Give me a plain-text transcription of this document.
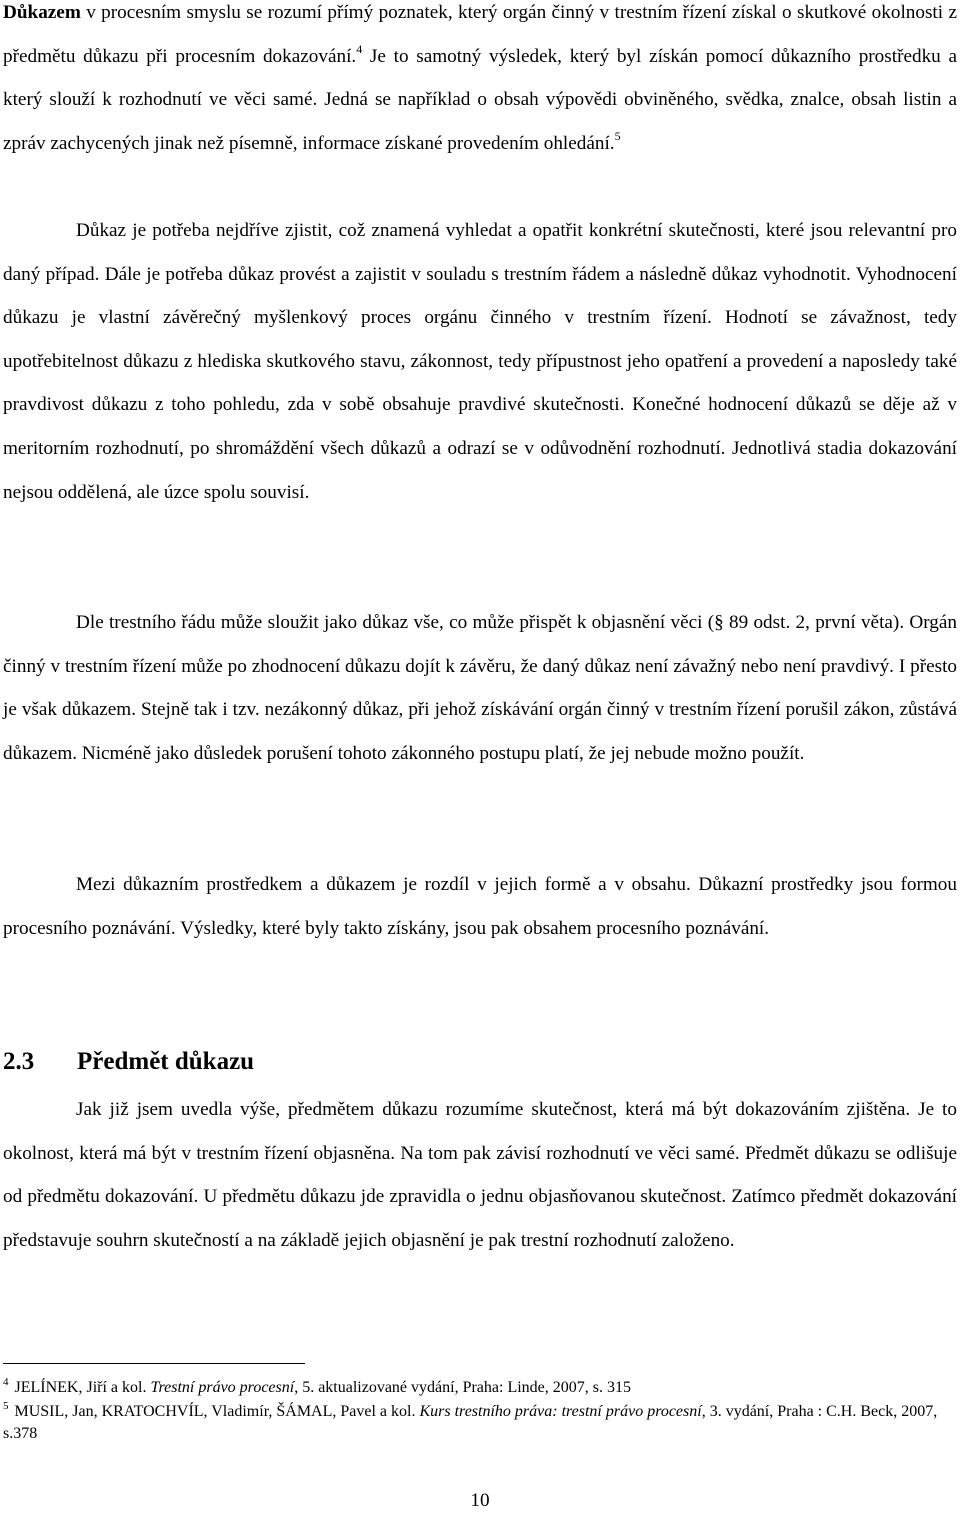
Důkazem v procesním smyslu se rozumí přímý poznatek, který orgán činný v trestním řízení získal o skutkové okolnosti z předmětu důkazu při procesním dokazování.$^4$ Je to samotný výsledek, který byl získán pomocí důkazního prostředku a který slouží k rozhodnutí ve věci samé. Jedná se například o obsah výpovědi obviněného, svědka, znalce, obsah listin a zpráv zachycených jinak než písemně, informace získané provedením ohledání.$^5$

Důkaz je potřeba nejdříve zjistit, což znamená vyhledat a opatřit konkrétní skutečnosti, které jsou relevantní pro daný případ. Dále je potřeba důkaz provést a zajistit v souladu s trestním řádem a následně důkaz vyhodnotit. Vyhodnocení důkazu je vlastní závěrečný myšlenkový proces orgánu činného v trestním řízení. Hodnotí se závažnost, tedy upotřebitelnost důkazu z hlediska skutkového stavu, zákonnost, tedy přípustnost jeho opatření a provedení a naposledy také pravdivost důkazu z toho pohledu, zda v sobě obsahuje pravdivé skutečnosti. Konečné hodnocení důkazů se děje až v meritorním rozhodnutí, po shromáždění všech důkazů a odrazí se v odůvodnění rozhodnutí. Jednotlivá stadia dokazování nejsou oddělená, ale úzce spolu souvisí.

Dle trestního řádu může sloužit jako důkaz vše, co může přispět k objasnění věci (§ 89 odst. 2, první věta). Orgán činný v trestním řízení může po zhodnocení důkazu dojít k závěru, že daný důkaz není závažný nebo není pravdivý. I přesto je však důkazem. Stejně tak i tzv. nezákonný důkaz, při jehož získávání orgán činný v trestním řízení porušil zákon, zůstává důkazem. Nicméně jako důsledek porušení tohoto zákonného postupu platí, že jej nebude možno použít.

Mezi důkazním prostředkem a důkazem je rozdíl v jejich formě a v obsahu. Důkazní prostředky jsou formou procesního poznávání. Výsledky, které byly takto získány, jsou pak obsahem procesního poznávání.

2.3 Předmět důkazu

Jak již jsem uvedla výše, předmětem důkazu rozumíme skutečnost, která má být dokazováním zjištěna. Je to okolnost, která má být v trestním řízení objasněna. Na tom pak závisí rozhodnutí ve věci samé. Předmět důkazu se odlišuje od předmětu dokazování. U předmětu důkazu jde zpravidla o jednu objasňovanou skutečnost. Zatímco předmět dokazování představuje souhrn skutečností a na základě jejich objasnění je pak trestní rozhodnutí založeno.

$^4$ JELÍNEK, Jiří a kol. Trestní právo procesní, 5. aktualizované vydání, Praha: Linde, 2007, s. 315

$^5$ MUSIL, Jan, KRATOCHVÍL, Vladimír, ŠÁMAL, Pavel a kol. Kurs trestního práva: trestní právo procesní, 3. vydání, Praha : C.H. Beck, 2007, s.378

10
